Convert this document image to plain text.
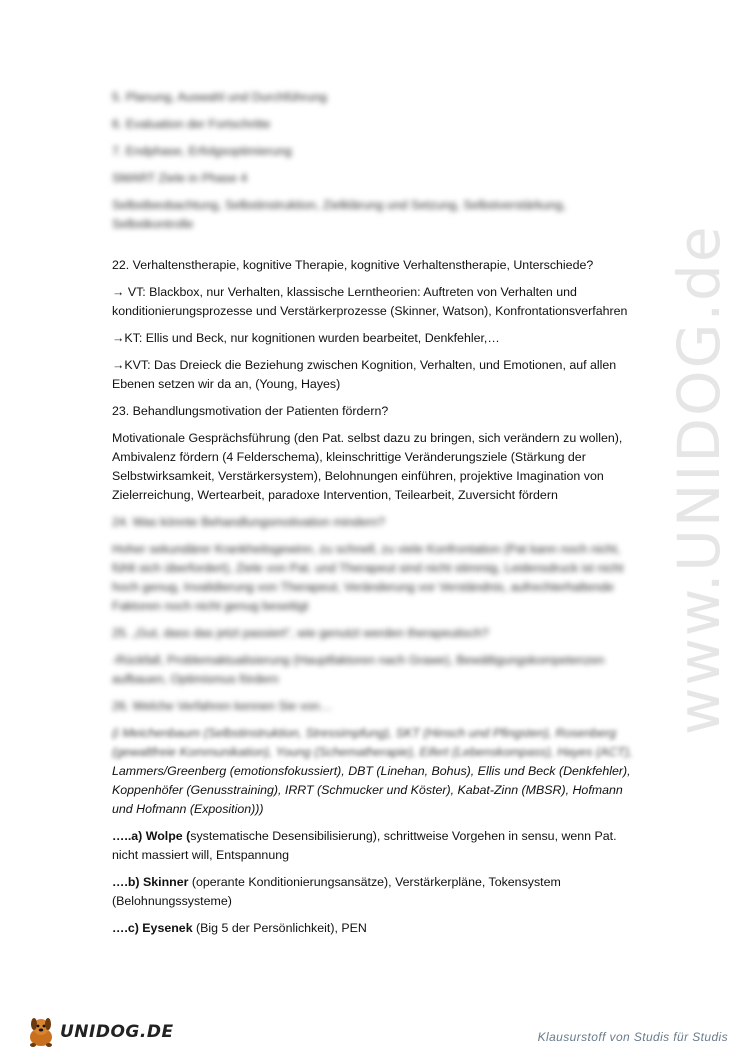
5. Planung, Auswahl und Durchführung

6. Evaluation der Fortschritte

7. Endphase, Erfolgsoptimierung

SMART Ziele in Phase 4

Selbstbeobachtung, Selbstinstruktion, Zielklärung und Setzung, Selbstverstärkung, Selbstkontrolle

22. Verhaltenstherapie, kognitive Therapie, kognitive Verhaltenstherapie, Unterschiede?

→ VT: Blackbox, nur Verhalten, klassische Lerntheorien: Auftreten von Verhalten und konditionierungsprozesse und Verstärkerprozesse (Skinner, Watson), Konfrontationsverfahren

→KT: Ellis und Beck, nur kognitionen wurden bearbeitet, Denkfehler,…

→KVT: Das Dreieck die Beziehung zwischen Kognition, Verhalten, und Emotionen, auf allen Ebenen setzen wir da an, (Young, Hayes)

23. Behandlungsmotivation der Patienten fördern?

Motivationale Gesprächsführung (den Pat. selbst dazu zu bringen, sich verändern zu wollen), Ambivalenz fördern (4 Felderschema), kleinschrittige Veränderungsziele (Stärkung der Selbstwirksamkeit, Verstärkersystem), Belohnungen einführen, projektive Imagination von Zielerreichung, Wertearbeit, paradoxe Intervention, Teilearbeit, Zuversicht fördern

24. Was könnte Behandlungsmotivation mindern?

Hoher sekundärer Krankheitsgewinn, zu schnell, zu viele Konfrontation (Pat kann noch nicht, fühlt sich überfordert), Ziele von Pat. und Therapeut sind nicht stimmig, Leidensdruck ist nicht hoch genug, Invalidierung von Therapeut, Veränderung vor Verständnis, aufrechterhaltende Faktoren noch nicht genug beseitigt

25. „Gut, dass das jetzt passiert“, wie genutzt werden therapeutisch?

-Rückfall, Problemaktualisierung (Hauptfaktoren nach Grawe), Bewältigungskompetenzen aufbauen, Optimismus fördern

26. Welche Verfahren kennen Sie von…

(i Meichenbaum (Selbstinstruktion, Stressimpfung), SKT (Hinsch und Pfingsten), Rosenberg (gewaltfreie Kommunikation), Young (Schematherapie), Eifert (Lebenskompass), Hayes (ACT), Lammers/Greenberg (emotionsfokussiert), DBT (Linehan, Bohus), Ellis und Beck (Denkfehler), Koppenhöfer (Genusstraining), IRRT (Schmucker und Köster), Kabat-Zinn (MBSR), Hofmann und Hofmann (Exposition)))

…..a) Wolpe (systematische Desensibilisierung), schrittweise Vorgehen in sensu, wenn Pat. nicht massiert will, Entspannung

….b) Skinner (operante Konditionierungsansätze), Verstärkerpläne, Tokensystem (Belohnungssysteme)

….c) Eysenek (Big 5 der Persönlichkeit), PEN

www.UNIDOG.de
UNIDOG.DE	Klausurstoff von Studis für Studis
